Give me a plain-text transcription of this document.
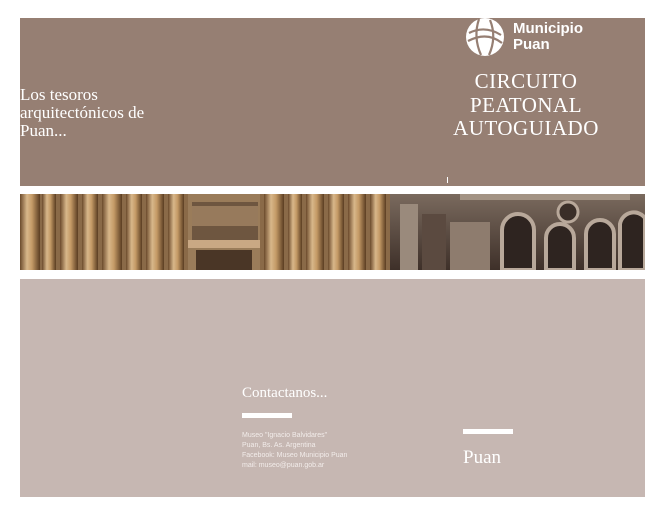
Los tesoros arquitectónicos de Puan...
Municipio
Puan
CIRCUITO
PEATONAL
AUTOGUIADO
Contactanos...
Museo "Ignacio Balvidares"
Puan, Bs. As. Argentina
Facebook: Museo Municipio Puan
mail: museo@puan.gob.ar	Puan
